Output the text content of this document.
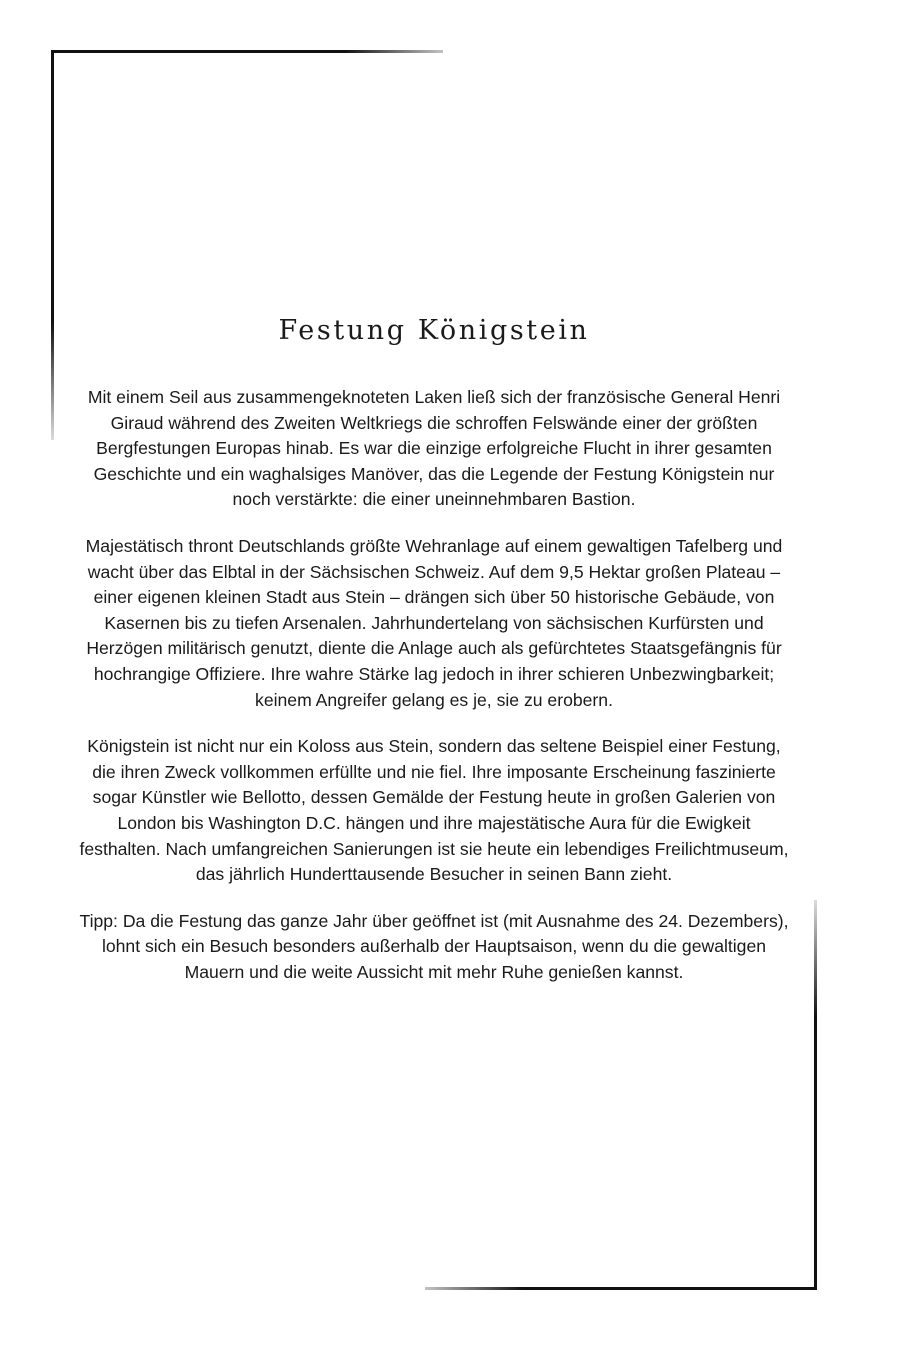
Festung Königstein

Mit einem Seil aus zusammengeknoteten Laken ließ sich der französische General Henri Giraud während des Zweiten Weltkriegs die schroffen Felswände einer der größten Bergfestungen Europas hinab. Es war die einzige erfolgreiche Flucht in ihrer gesamten Geschichte und ein waghalsiges Manöver, das die Legende der Festung Königstein nur noch verstärkte: die einer uneinnehmbaren Bastion.

Majestätisch thront Deutschlands größte Wehranlage auf einem gewaltigen Tafelberg und wacht über das Elbtal in der Sächsischen Schweiz. Auf dem 9,5 Hektar großen Plateau – einer eigenen kleinen Stadt aus Stein – drängen sich über 50 historische Gebäude, von Kasernen bis zu tiefen Arsenalen. Jahrhundertelang von sächsischen Kurfürsten und Herzögen militärisch genutzt, diente die Anlage auch als gefürchtetes Staatsgefängnis für hochrangige Offiziere. Ihre wahre Stärke lag jedoch in ihrer schieren Unbezwingbarkeit; keinem Angreifer gelang es je, sie zu erobern.

Königstein ist nicht nur ein Koloss aus Stein, sondern das seltene Beispiel einer Festung, die ihren Zweck vollkommen erfüllte und nie fiel. Ihre imposante Erscheinung faszinierte sogar Künstler wie Bellotto, dessen Gemälde der Festung heute in großen Galerien von London bis Washington D.C. hängen und ihre majestätische Aura für die Ewigkeit festhalten. Nach umfangreichen Sanierungen ist sie heute ein lebendiges Freilichtmuseum, das jährlich Hunderttausende Besucher in seinen Bann zieht.

Tipp: Da die Festung das ganze Jahr über geöffnet ist (mit Ausnahme des 24. Dezembers), lohnt sich ein Besuch besonders außerhalb der Hauptsaison, wenn du die gewaltigen Mauern und die weite Aussicht mit mehr Ruhe genießen kannst.
